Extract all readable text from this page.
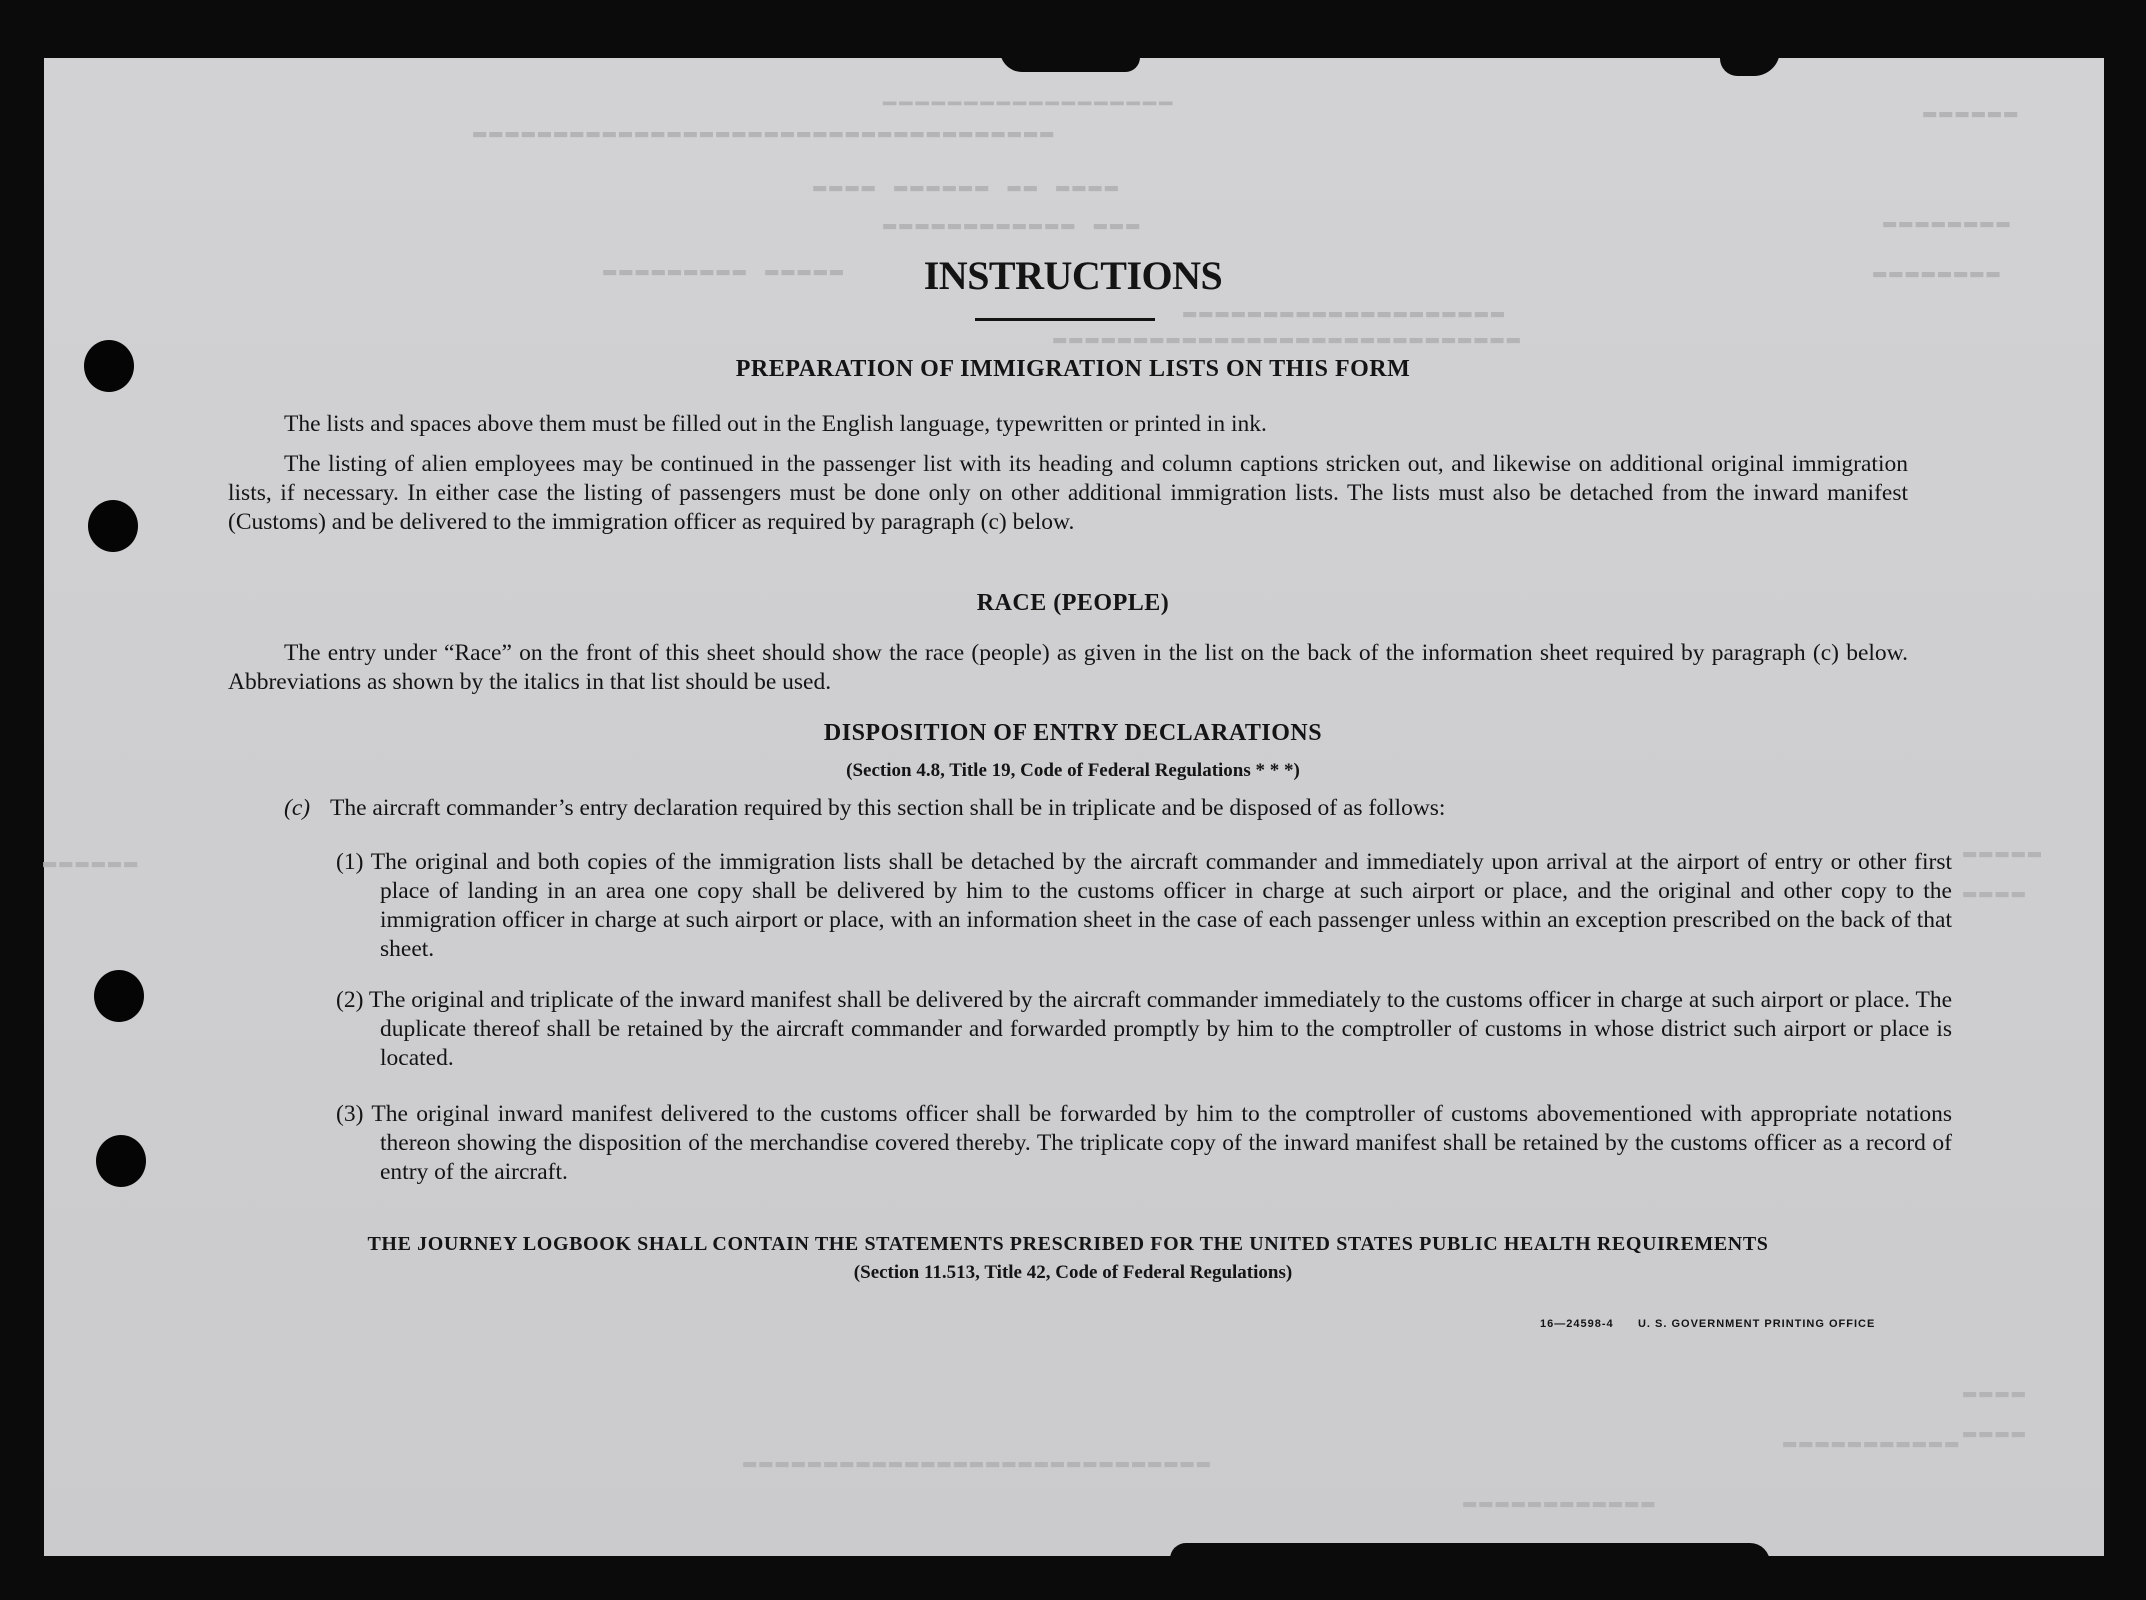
━━━━━━━━━━━━━━━━━━
▬▬▬▬▬▬▬▬▬▬▬▬▬▬▬▬▬▬▬▬▬▬▬▬▬▬▬▬▬▬▬▬▬▬▬▬
▬▬▬▬ ▬▬ ▬▬▬▬▬▬ ▬▬▬▬
▬▬▬ ▬▬▬▬▬▬▬▬▬▬▬▬
▬▬▬▬▬ ▬▬▬▬▬▬▬▬▬
▬▬▬▬▬▬▬▬▬▬▬▬▬▬▬▬▬▬▬▬
▬▬▬▬▬▬▬▬▬▬▬▬▬▬▬▬▬▬▬▬▬▬▬▬▬▬▬▬▬
▬▬▬▬▬▬
▬▬▬▬▬▬▬▬
▬▬▬▬▬▬▬▬
▬▬▬▬▬▬	▬▬▬▬▬
▬▬▬▬
▬▬▬▬
▬▬▬▬
▬▬▬▬▬▬▬▬▬▬▬▬▬▬▬▬▬▬▬▬▬▬▬▬▬▬▬▬▬
▬▬▬▬▬▬▬▬▬▬▬▬
▬▬▬▬▬▬▬▬▬▬▬
INSTRUCTIONS
PREPARATION OF IMMIGRATION LISTS ON THIS FORM
The lists and spaces above them must be filled out in the English language, typewritten or printed in ink.
The listing of alien employees may be continued in the passenger list with its heading and column captions stricken out, and likewise on additional original immigration lists, if necessary. In either case the listing of passengers must be done only on other additional immigration lists. The lists must also be detached from the inward manifest (Customs) and be delivered to the immigration officer as required by paragraph (c) below.
RACE (PEOPLE)
The entry under “Race” on the front of this sheet should show the race (people) as given in the list on the back of the information sheet required by paragraph (c) below. Abbreviations as shown by the italics in that list should be used.
DISPOSITION OF ENTRY DECLARATIONS
(Section 4.8, Title 19, Code of Federal Regulations * * *)
(c) The aircraft commander’s entry declaration required by this section shall be in triplicate and be disposed of as follows:
(1) The original and both copies of the immigration lists shall be detached by the aircraft commander and immediately upon arrival at the airport of entry or other first place of landing in an area one copy shall be delivered by him to the customs officer in charge at such airport or place, and the original and other copy to the immigration officer in charge at such airport or place, with an information sheet in the case of each passenger unless within an exception prescribed on the back of that sheet.
(2) The original and triplicate of the inward manifest shall be delivered by the aircraft commander immediately to the customs officer in charge at such airport or place. The duplicate thereof shall be retained by the aircraft commander and forwarded promptly by him to the comptroller of customs in whose district such airport or place is located.
(3) The original inward manifest delivered to the customs officer shall be forwarded by him to the comptroller of customs abovementioned with appropriate notations thereon showing the disposition of the merchandise covered thereby. The triplicate copy of the inward manifest shall be retained by the customs officer as a record of entry of the aircraft.
THE JOURNEY LOGBOOK SHALL CONTAIN THE STATEMENTS PRESCRIBED FOR THE UNITED STATES PUBLIC HEALTH REQUIREMENTS
(Section 11.513, Title 42, Code of Federal Regulations)
16—24598-4 U. S. GOVERNMENT PRINTING OFFICE
